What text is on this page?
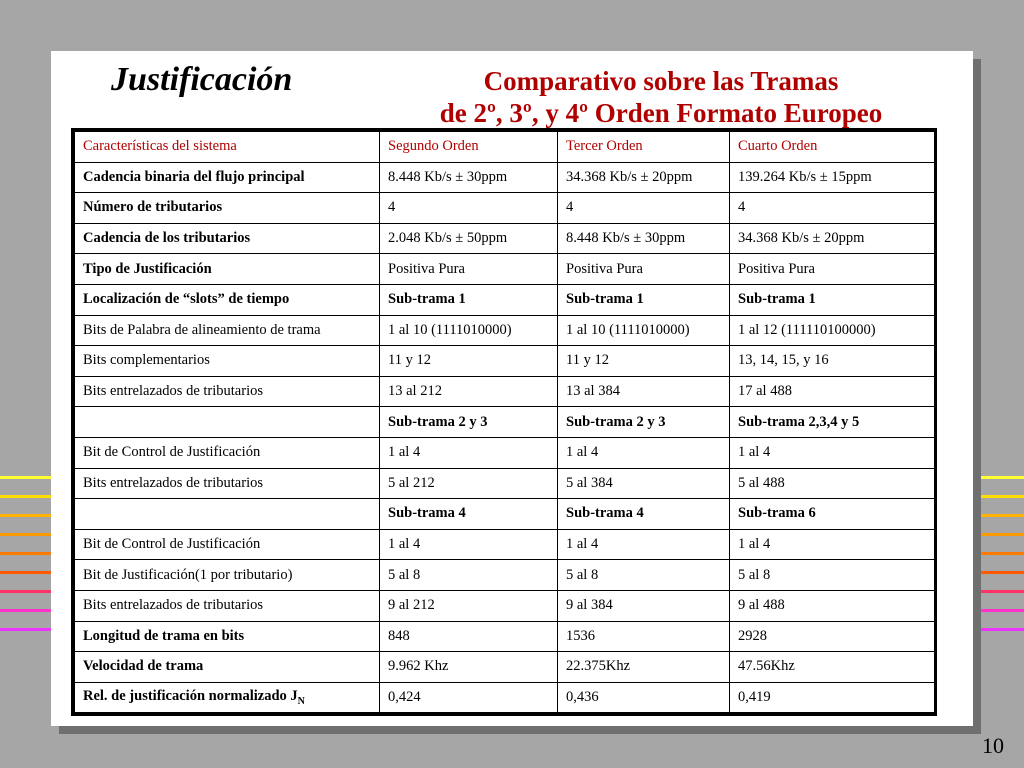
Justificación	Comparativo sobre las Tramas
de 2º, 3º, y 4º Orden Formato Europeo
Características del sistema	Segundo Orden	Tercer Orden	Cuarto Orden
Cadencia binaria del flujo principal	8.448 Kb/s ± 30ppm	34.368 Kb/s ± 20ppm	139.264 Kb/s ± 15ppm
Número de tributarios	4	4	4
Cadencia de los tributarios	2.048 Kb/s ± 50ppm	8.448 Kb/s ± 30ppm	34.368 Kb/s ± 20ppm
Tipo de Justificación	Positiva Pura	Positiva Pura	Positiva Pura
Localización de “slots” de tiempo	Sub-trama 1	Sub-trama 1	Sub-trama 1
Bits de Palabra de alineamiento de trama	1 al 10 (1111010000)	1 al 10 (1111010000)	1 al 12 (111110100000)
Bits complementarios	11 y 12	11 y 12	13, 14, 15, y 16
Bits entrelazados de tributarios	13 al 212	13 al 384	17 al 488
	Sub-trama 2 y 3	Sub-trama 2 y 3	Sub-trama 2,3,4 y 5
Bit de Control de Justificación	1 al 4	1 al 4	1 al 4
Bits entrelazados de tributarios	5 al 212	5 al 384	5 al 488
	Sub-trama 4	Sub-trama 4	Sub-trama 6
Bit de Control de Justificación	1 al 4	1 al 4	1 al 4
Bit de Justificación(1 por tributario)	5 al 8	5 al 8	5 al 8
Bits entrelazados de tributarios	9 al 212	9 al 384	9 al 488
Longitud de trama en bits	848	1536	2928
Velocidad de trama	9.962 Khz	22.375Khz	47.56Khz
Rel. de justificación normalizado $J_N$	0,424	0,436	0,419
10
